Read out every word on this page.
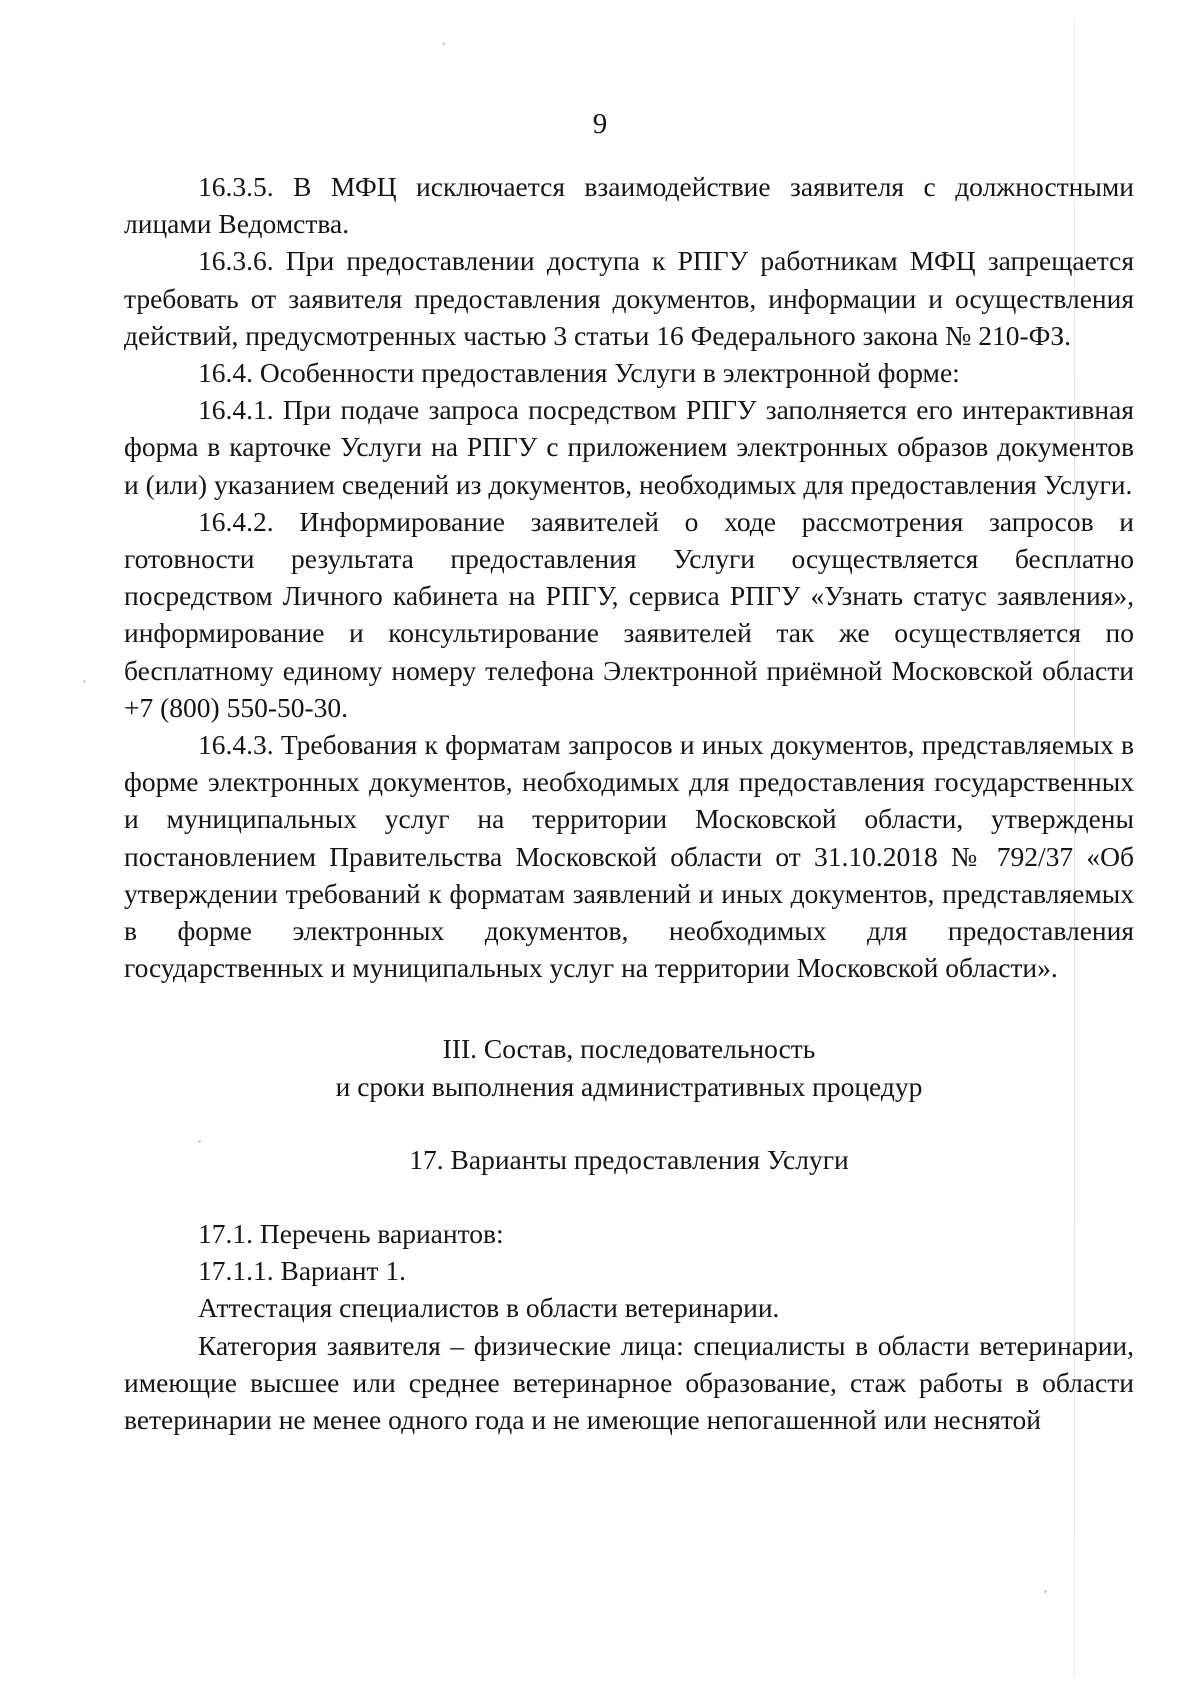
9

16.3.5. В МФЦ исключается взаимодействие заявителя с должностными

лицами Ведомства.

16.3.6. При предоставлении доступа к РПГУ работникам МФЦ запрещается требовать от заявителя предоставления документов, информации и осуществления действий, предусмотренных частью 3 статьи 16 Федерального закона № 210-ФЗ.

16.4. Особенности предоставления Услуги в электронной форме:

16.4.1. При подаче запроса посредством РПГУ заполняется его интерактивная форма в карточке Услуги на РПГУ с приложением электронных образов документов и (или) указанием сведений из документов, необходимых для предоставления Услуги.

16.4.2. Информирование заявителей о ходе рассмотрения запросов и готовности результата предоставления Услуги осуществляется бесплатно посредством Личного кабинета на РПГУ, сервиса РПГУ «Узнать статус заявления», информирование и консультирование заявителей так же осуществляется по бесплатному единому номеру телефона Электронной приёмной Московской области +7 (800) 550-50-30.

16.4.3. Требования к форматам запросов и иных документов, представляемых в форме электронных документов, необходимых для предоставления государственных и муниципальных услуг на территории Московской области, утверждены постановлением Правительства Московской области от 31.10.2018 № 792/37 «Об утверждении требований к форматам заявлений и иных документов, представляемых в форме электронных документов, необходимых для предоставления государственных и муниципальных услуг на территории Московской области».

III. Состав, последовательность

и сроки выполнения административных процедур

17. Варианты предоставления Услуги

17.1. Перечень вариантов:

17.1.1. Вариант 1.

Аттестация специалистов в области ветеринарии.

Категория заявителя – физические лица: специалисты в области ветеринарии, имеющие высшее или среднее ветеринарное образование, стаж работы в области ветеринарии не менее одного года и не имеющие непогашенной или неснятой
